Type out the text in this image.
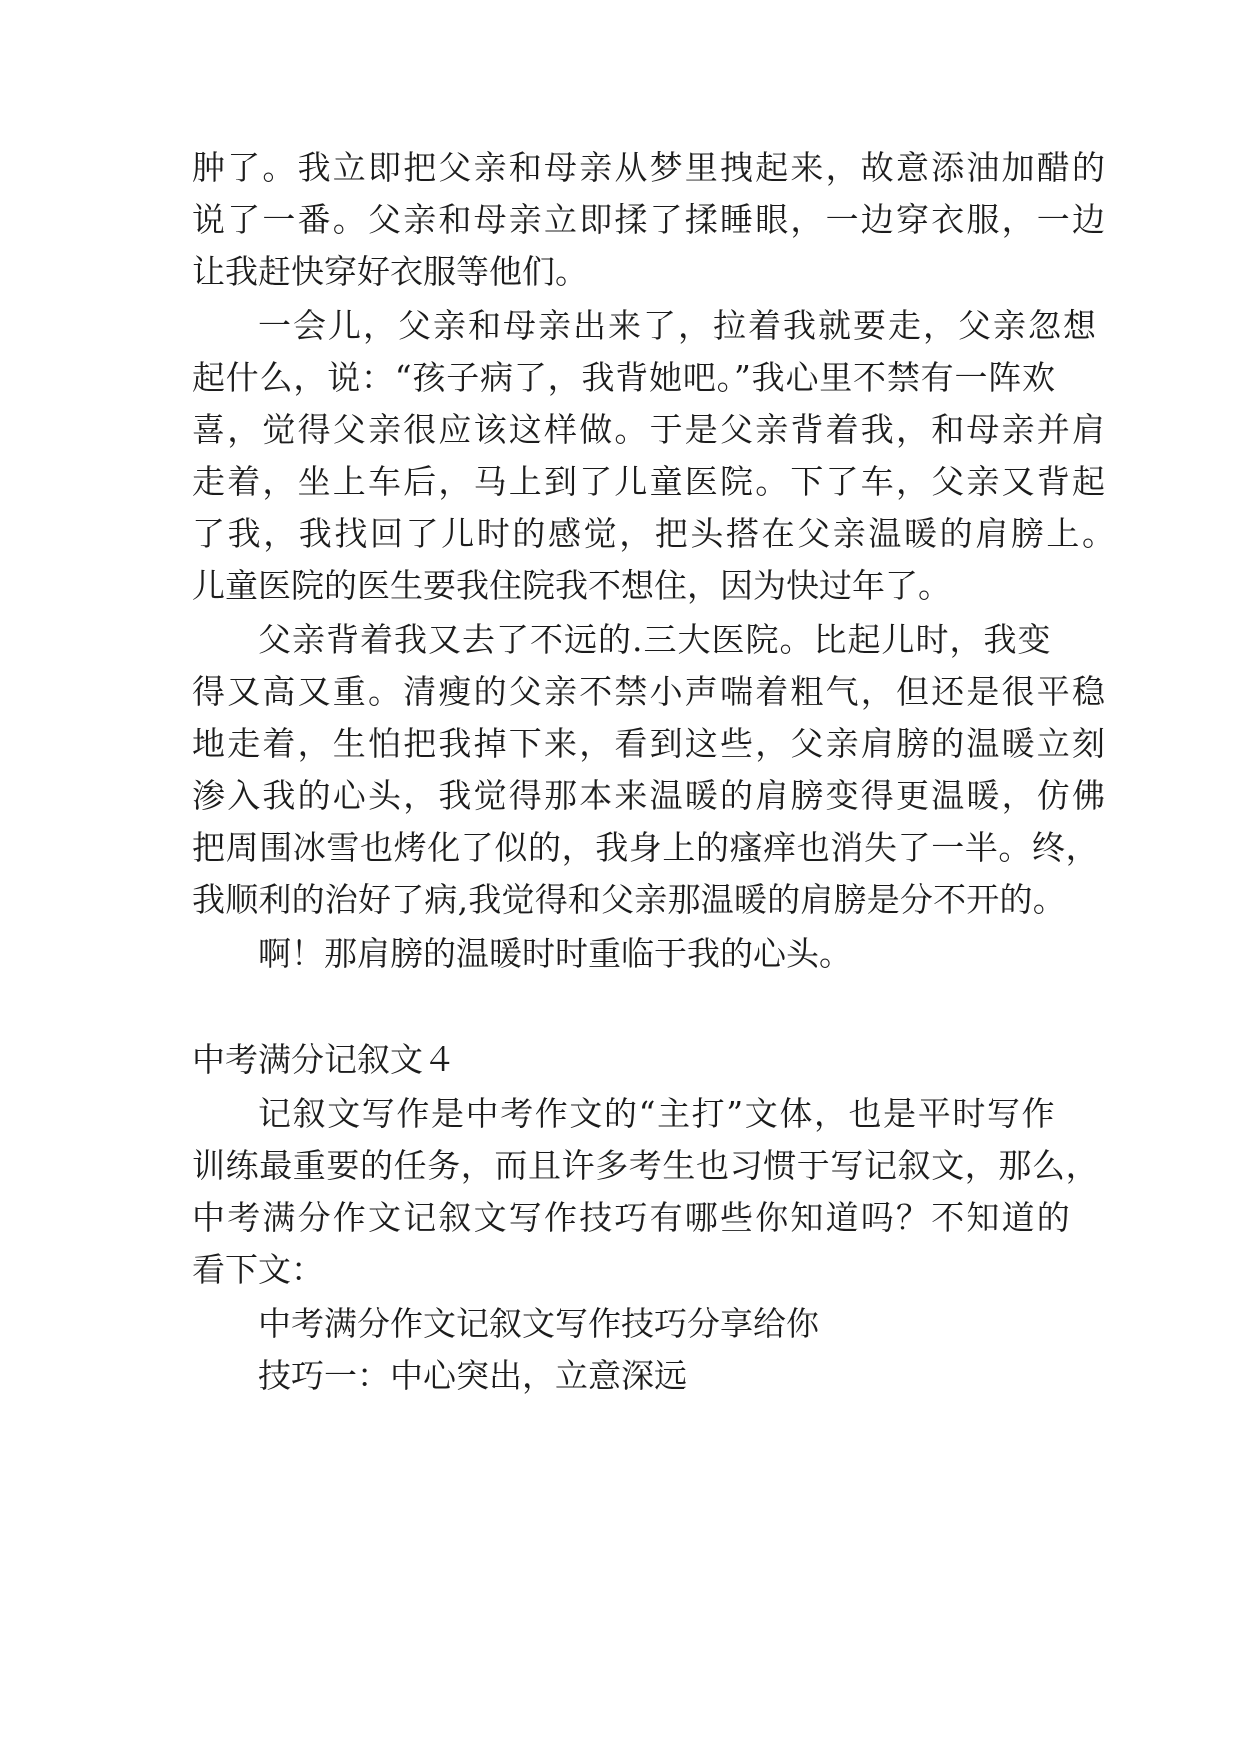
肿了。我立即把父亲和母亲从梦里拽起来，故意添油加醋的
说了一番。父亲和母亲立即揉了揉睡眼，一边穿衣服，一边
让我赶快穿好衣服等他们。
一会儿，父亲和母亲出来了，拉着我就要走，父亲忽想
起什么，说：“孩子病了，我背她吧。”我心里不禁有一阵欢
喜，觉得父亲很应该这样做。于是父亲背着我，和母亲并肩
走着，坐上车后，马上到了儿童医院。下了车，父亲又背起
了我，我找回了儿时的感觉，把头搭在父亲温暖的肩膀上。
儿童医院的医生要我住院我不想住，因为快过年了。
父亲背着我又去了不远的.三大医院。比起儿时，我变
得又高又重。清瘦的父亲不禁小声喘着粗气，但还是很平稳
地走着，生怕把我掉下来，看到这些，父亲肩膀的温暖立刻
渗入我的心头，我觉得那本来温暖的肩膀变得更温暖，仿佛
把周围冰雪也烤化了似的，我身上的瘙痒也消失了一半。终，
我顺利的治好了病,我觉得和父亲那温暖的肩膀是分不开的。
啊！那肩膀的温暖时时重临于我的心头。
中考满分记叙文４
记叙文写作是中考作文的“主打”文体，也是平时写作
训练最重要的任务，而且许多考生也习惯于写记叙文，那么，
中考满分作文记叙文写作技巧有哪些你知道吗？不知道的
看下文：
中考满分作文记叙文写作技巧分享给你
技巧一：中心突出，立意深远
